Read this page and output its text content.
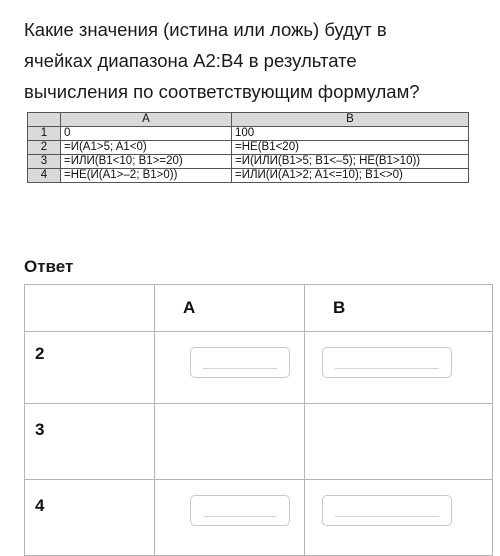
Какие значения (истина или ложь) будут в
ячейках диапазона A2:B4 в результате
вычисления по соответствующим формулам?
	A	B
1	0	100
2	=И(A1>5; A1<0)	=НЕ(B1<20)
3	=ИЛИ(B1<10; B1>=20)	=И(ИЛИ(B1>5; B1<–5); НЕ(B1>10))
4	=НЕ(И(A1>–2; B1>0))	=ИЛИ(И(A1>2; A1<=10); B1<>0)
Ответ
	A	B
2	

3	

4	
